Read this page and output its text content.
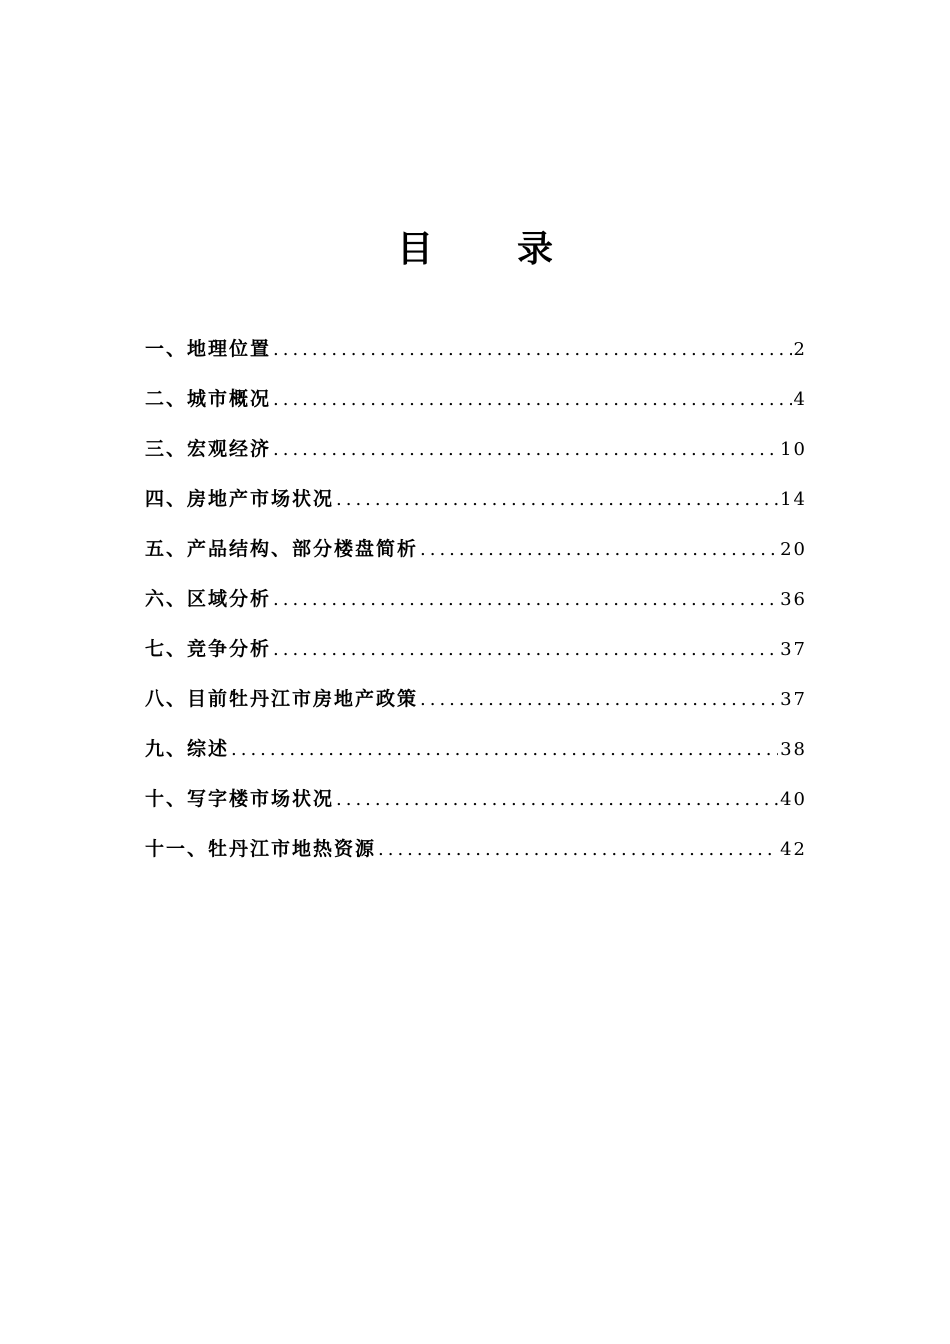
目　录
一、地理位置 .....	2
二、城市概况 .....	4
三、宏观经济 .....	10
四、房地产市场状况 .....	14
五、产品结构、部分楼盘简析 .....	20
六、区域分析 .....	36
七、竞争分析 .....	37
八、目前牡丹江市房地产政策 .....	37
九、综述 .....	38
十、写字楼市场状况 .....	40
十一、牡丹江市地热资源 .....	42
